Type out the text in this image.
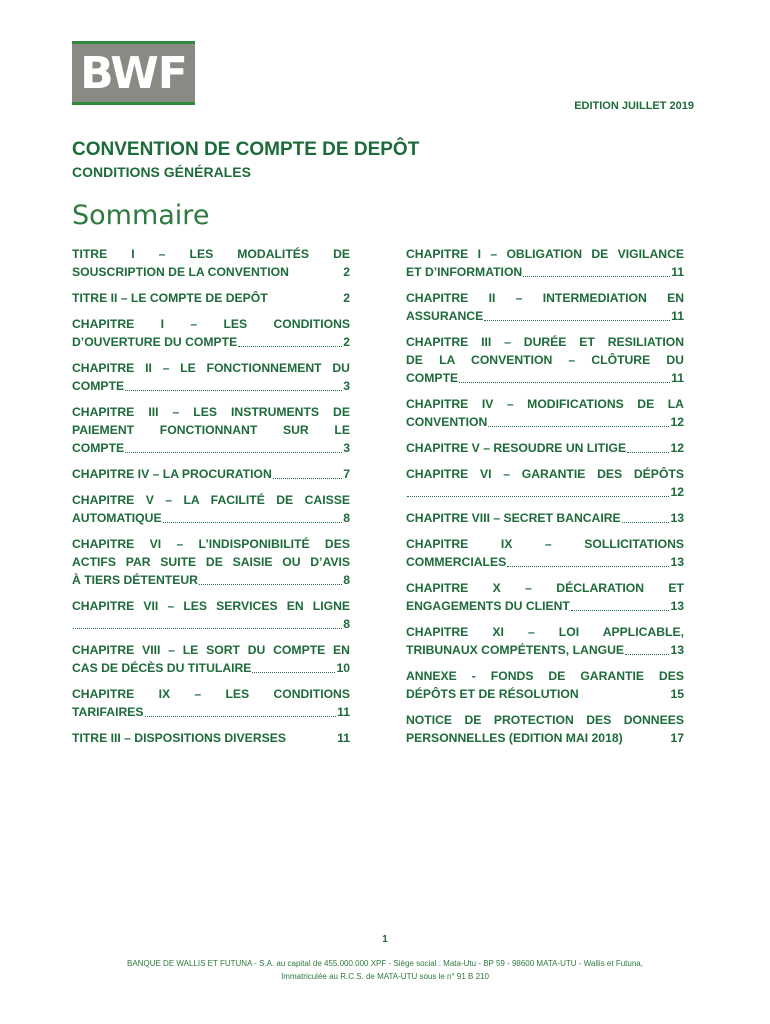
BWF
EDITION JUILLET 2019
CONVENTION DE COMPTE DE DEPÔT
CONDITIONS GÉNÉRALES
Sommaire
TITRE I – LES MODALITÉS DE
SOUSCRIPTION DE LA CONVENTION	2
TITRE II – LE COMPTE DE DEPÔT	2
CHAPITRE I – LES CONDITIONS
D’OUVERTURE DU COMPTE	2
CHAPITRE II – LE FONCTIONNEMENT DU
COMPTE	3
CHAPITRE III – LES INSTRUMENTS DE
PAIEMENT FONCTIONNANT SUR LE
COMPTE	3
CHAPITRE IV – LA PROCURATION	7
CHAPITRE V – LA FACILITÉ DE CAISSE
AUTOMATIQUE	8
CHAPITRE VI – L’INDISPONIBILITÉ DES
ACTIFS PAR SUITE DE SAISIE OU D’AVIS
À TIERS DÉTENTEUR	8
CHAPITRE VII – LES SERVICES EN LIGNE
8
CHAPITRE VIII – LE SORT DU COMPTE EN
CAS DE DÉCÈS DU TITULAIRE	10
CHAPITRE IX – LES CONDITIONS
TARIFAIRES	11
TITRE III – DISPOSITIONS DIVERSES	11
CHAPITRE I – OBLIGATION DE VIGILANCE
ET D’INFORMATION	11
CHAPITRE II – INTERMEDIATION EN
ASSURANCE	11
CHAPITRE III – DURÉE ET RESILIATION
DE LA CONVENTION – CLÔTURE DU
COMPTE	11
CHAPITRE IV – MODIFICATIONS DE LA
CONVENTION	12
CHAPITRE V – RESOUDRE UN LITIGE	12
CHAPITRE VI – GARANTIE DES DÉPÔTS
12
CHAPITRE VIII – SECRET BANCAIRE	13
CHAPITRE IX – SOLLICITATIONS
COMMERCIALES	13
CHAPITRE X – DÉCLARATION ET
ENGAGEMENTS DU CLIENT	13
CHAPITRE XI – LOI APPLICABLE,
TRIBUNAUX COMPÉTENTS, LANGUE	13
ANNEXE - FONDS DE GARANTIE DES
DÉPÔTS ET DE RÉSOLUTION	15
NOTICE DE PROTECTION DES DONNEES
PERSONNELLES (EDITION MAI 2018)	17
1
BANQUE DE WALLIS ET FUTUNA - S.A. au capital de 455.000.000 XPF - Siège social : Mata-Utu - BP 59 - 98600 MATA-UTU - Wallis et Futuna,
Immatriculée au R.C.S. de MATA-UTU sous le n° 91 B 210
